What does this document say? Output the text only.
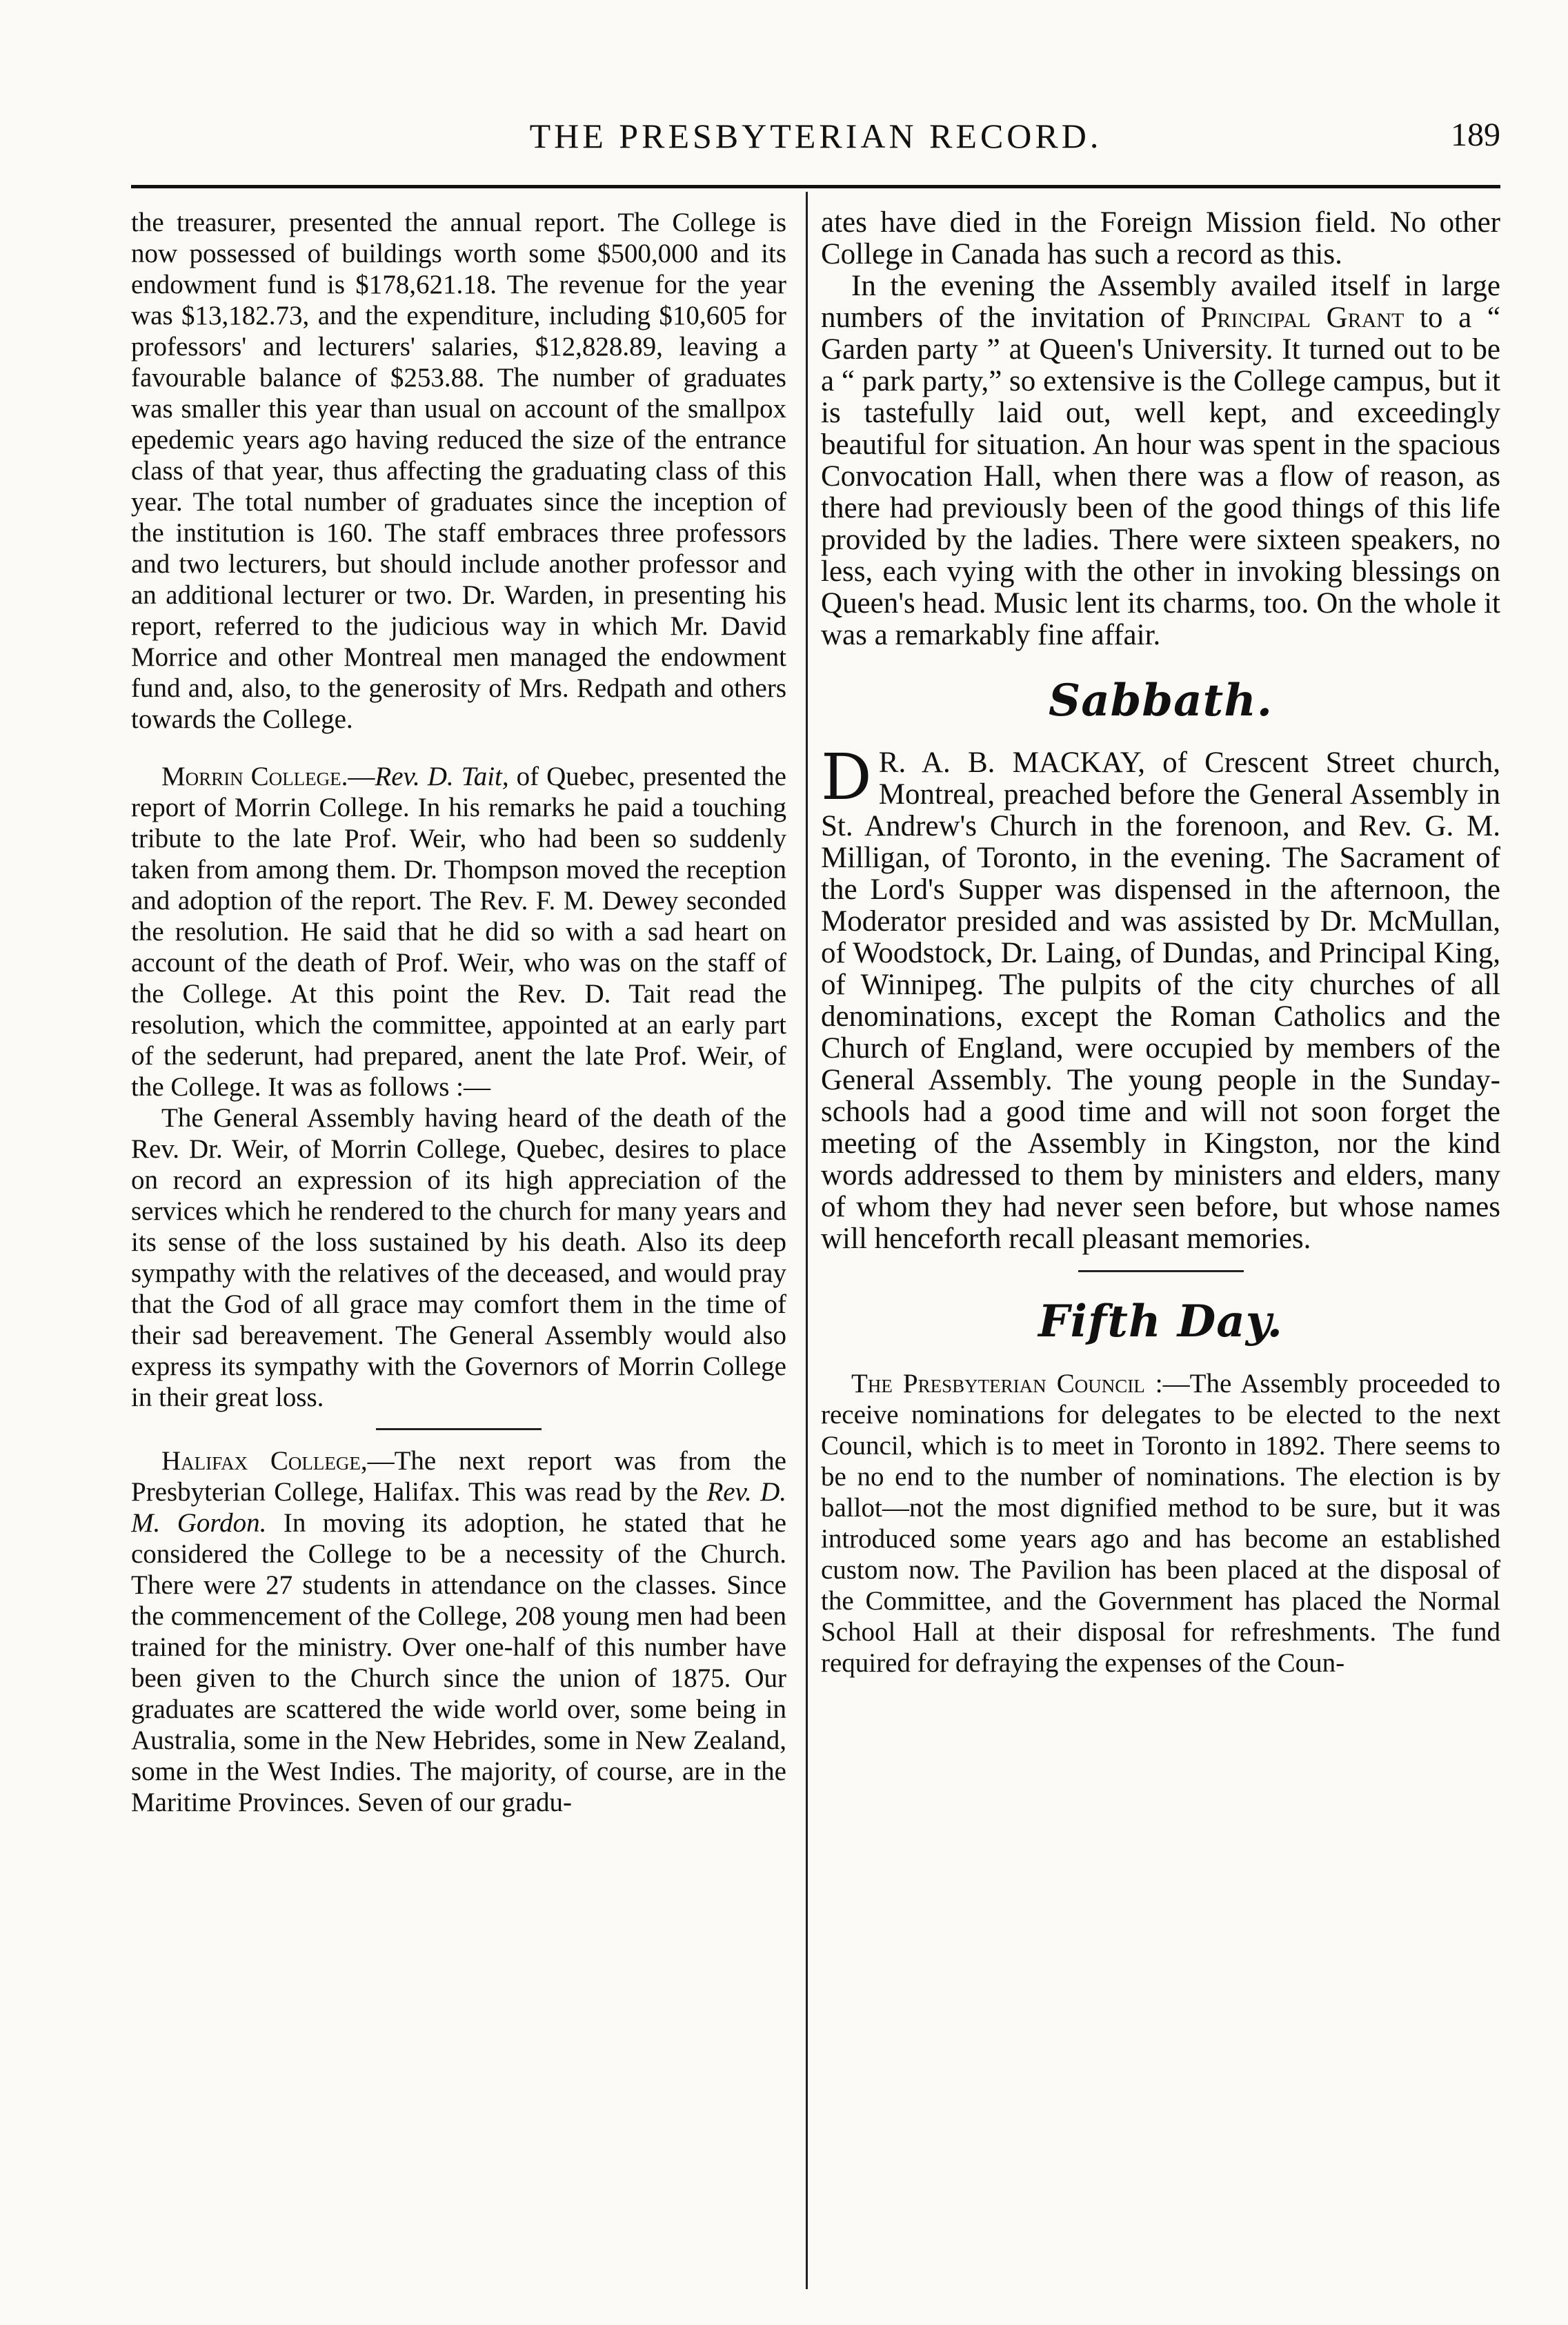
THE PRESBYTERIAN RECORD.	189

the treasurer, presented the annual report. The College is now possessed of buildings worth some $500,000 and its endowment fund is $178,621.18. The revenue for the year was $13,182.73, and the expenditure, including $10,605 for professors' and lecturers' salaries, $12,828.89, leaving a favourable balance of $253.88. The number of graduates was smaller this year than usual on account of the smallpox epedemic years ago having reduced the size of the entrance class of that year, thus affecting the graduating class of this year. The total number of graduates since the inception of the institution is 160. The staff embraces three professors and two lecturers, but should include another professor and an additional lecturer or two. Dr. Warden, in presenting his report, referred to the judicious way in which Mr. David Morrice and other Montreal men managed the endowment fund and, also, to the generosity of Mrs. Redpath and others towards the College.

Morrin College.—Rev. D. Tait, of Quebec, presented the report of Morrin College. In his remarks he paid a touching tribute to the late Prof. Weir, who had been so suddenly taken from among them. Dr. Thompson moved the reception and adoption of the report. The Rev. F. M. Dewey seconded the resolution. He said that he did so with a sad heart on account of the death of Prof. Weir, who was on the staff of the College. At this point the Rev. D. Tait read the resolution, which the committee, appointed at an early part of the sederunt, had prepared, anent the late Prof. Weir, of the College. It was as follows :—

The General Assembly having heard of the death of the Rev. Dr. Weir, of Morrin College, Quebec, desires to place on record an expression of its high appreciation of the services which he rendered to the church for many years and its sense of the loss sustained by his death. Also its deep sympathy with the relatives of the deceased, and would pray that the God of all grace may comfort them in the time of their sad bereavement. The General Assembly would also express its sympathy with the Governors of Morrin College in their great loss.

Halifax College,—The next report was from the Presbyterian College, Halifax. This was read by the Rev. D. M. Gordon. In moving its adoption, he stated that he considered the College to be a necessity of the Church. There were 27 students in attendance on the classes. Since the commencement of the College, 208 young men had been trained for the ministry. Over one-half of this number have been given to the Church since the union of 1875. Our graduates are scattered the wide world over, some being in Australia, some in the New Hebrides, some in New Zealand, some in the West Indies. The majority, of course, are in the Maritime Provinces. Seven of our gradu-

ates have died in the Foreign Mission field. No other College in Canada has such a record as this.

In the evening the Assembly availed itself in large numbers of the invitation of Principal Grant to a “ Garden party ” at Queen's University. It turned out to be a “ park party,” so extensive is the College campus, but it is tastefully laid out, well kept, and exceedingly beautiful for situation. An hour was spent in the spacious Convocation Hall, when there was a flow of reason, as there had previously been of the good things of this life provided by the ladies. There were sixteen speakers, no less, each vying with the other in invoking blessings on Queen's head. Music lent its charms, too. On the whole it was a remarkably fine affair.

Sabbath.

D R. A. B. MACKAY, of Crescent Street church, Montreal, preached before the General Assembly in St. Andrew's Church in the forenoon, and Rev. G. M. Milligan, of Toronto, in the evening. The Sacrament of the Lord's Supper was dispensed in the afternoon, the Moderator presided and was assisted by Dr. McMullan, of Woodstock, Dr. Laing, of Dundas, and Principal King, of Winnipeg. The pulpits of the city churches of all denominations, except the Roman Catholics and the Church of England, were occupied by members of the General Assembly. The young people in the Sunday-schools had a good time and will not soon forget the meeting of the Assembly in Kingston, nor the kind words addressed to them by ministers and elders, many of whom they had never seen before, but whose names will henceforth recall pleasant memories.

Fifth Day.

The Presbyterian Council :—The Assembly proceeded to receive nominations for delegates to be elected to the next Council, which is to meet in Toronto in 1892. There seems to be no end to the number of nominations. The election is by ballot—not the most dignified method to be sure, but it was introduced some years ago and has become an established custom now. The Pavilion has been placed at the disposal of the Committee, and the Government has placed the Normal School Hall at their disposal for refreshments. The fund required for defraying the expenses of the Coun-
